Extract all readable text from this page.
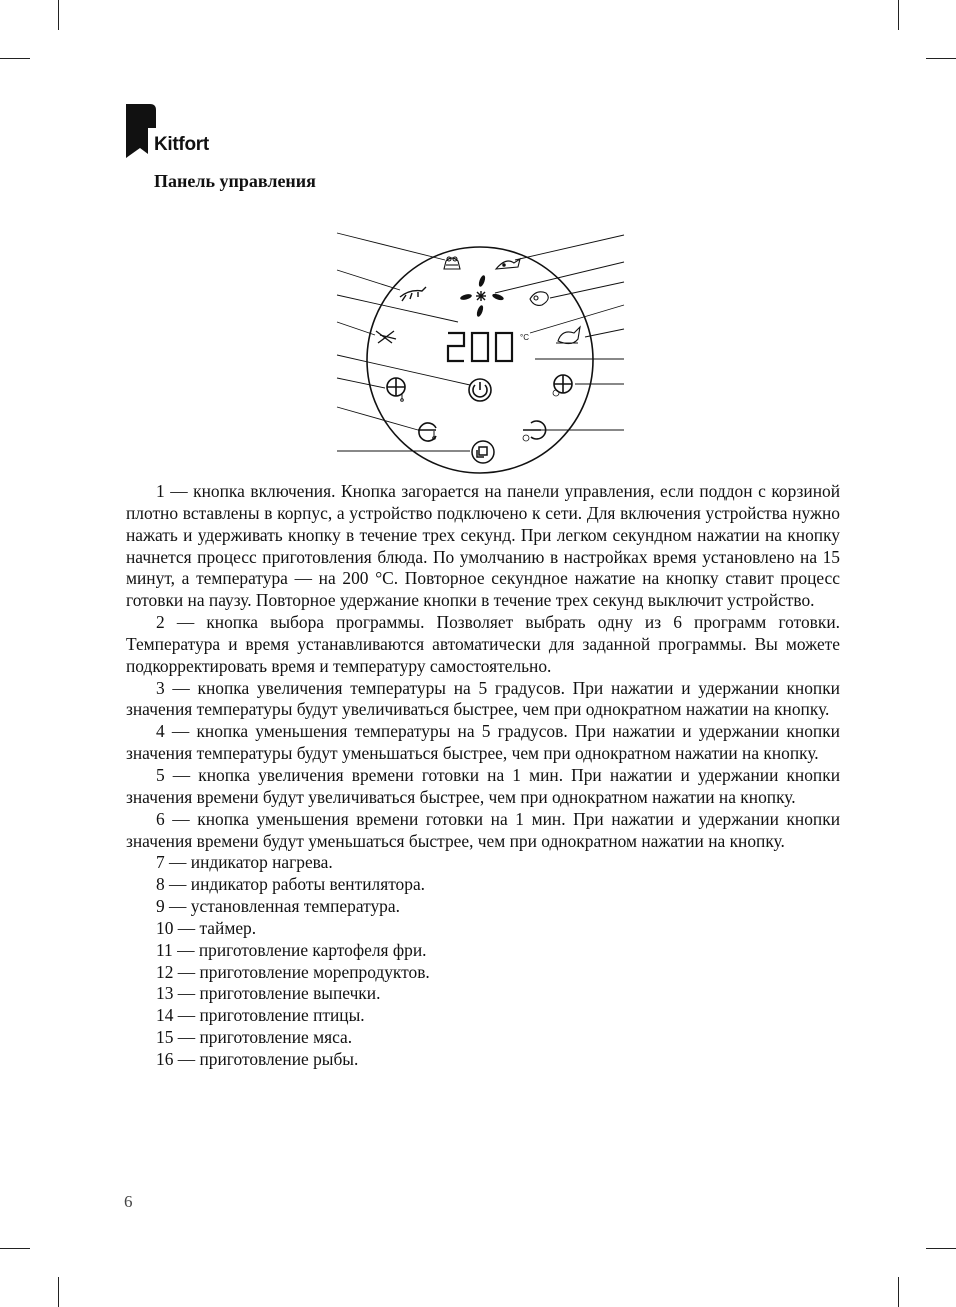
Kitfort
Панель управления
200
°C

1 — кнопка включения. Кнопка загорается на панели управления, если поддон с корзиной плотно вставлены в корпус, а устройство подключено к сети. Для включения устройства нужно нажать и удерживать кнопку в течение трех секунд. При легком секундном нажатии на кнопку начнется процесс приготовления блюда. По умолчанию в настройках время установлено на 15 минут, а температура — на 200 °C. Повторное секундное нажатие на кнопку ставит процесс готовки на паузу. Повторное удержание кнопки в течение трех секунд выключит устройство.

2 — кнопка выбора программы. Позволяет выбрать одну из 6 программ готовки. Температура и время устанавливаются автоматически для заданной программы. Вы можете подкорректировать время и температуру самостоятельно.

3 — кнопка увеличения температуры на 5 градусов. При нажатии и удержании кнопки значения температуры будут увеличиваться быстрее, чем при однократном нажатии на кнопку.

4 — кнопка уменьшения температуры на 5 градусов. При нажатии и удержании кнопки значения температуры будут уменьшаться быстрее, чем при однократном нажатии на кнопку.

5 — кнопка увеличения времени готовки на 1 мин. При нажатии и удержании кнопки значения времени будут увеличиваться быстрее, чем при однократном нажатии на кнопку.

6 — кнопка уменьшения времени готовки на 1 мин. При нажатии и удержании кнопки значения времени будут уменьшаться быстрее, чем при однократном нажатии на кнопку.

7 — индикатор нагрева.

8 — индикатор работы вентилятора.

9 — установленная температура.

10 — таймер.

11 — приготовление картофеля фри.

12 — приготовление морепродуктов.

13 — приготовление выпечки.

14 — приготовление птицы.

15 — приготовление мяса.

16 — приготовление рыбы.

6
